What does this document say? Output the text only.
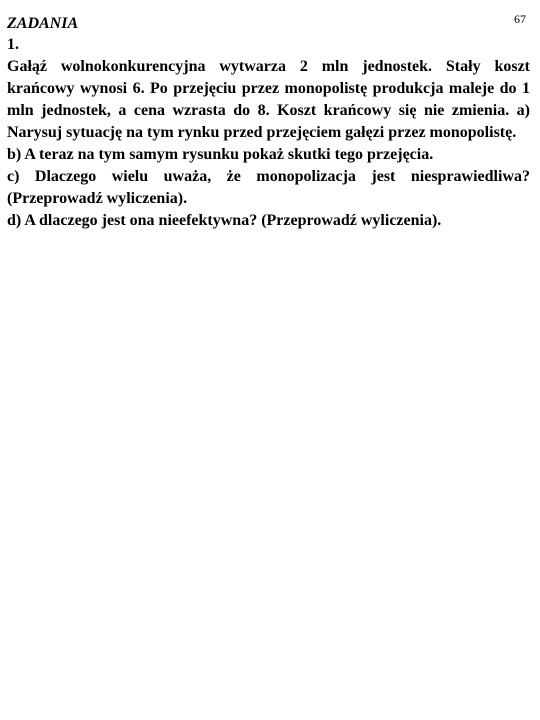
67
ZADANIA

1.

Gałąź wolnokonkurencyjna wytwarza 2 mln jednostek. Stały koszt krańcowy wynosi 6. Po przejęciu przez monopolistę produkcja maleje do 1 mln jednostek, a cena wzrasta do 8. Koszt krańcowy się nie zmienia. a) Narysuj sytuację na tym rynku przed przejęciem gałęzi przez monopolistę.

b) A teraz na tym samym rysunku pokaż skutki tego przejęcia.

c) Dlaczego wielu uważa, że monopolizacja jest niesprawiedliwa? (Przeprowadź wyliczenia).

d) A dlaczego jest ona nieefektywna? (Przeprowadź wyliczenia).
